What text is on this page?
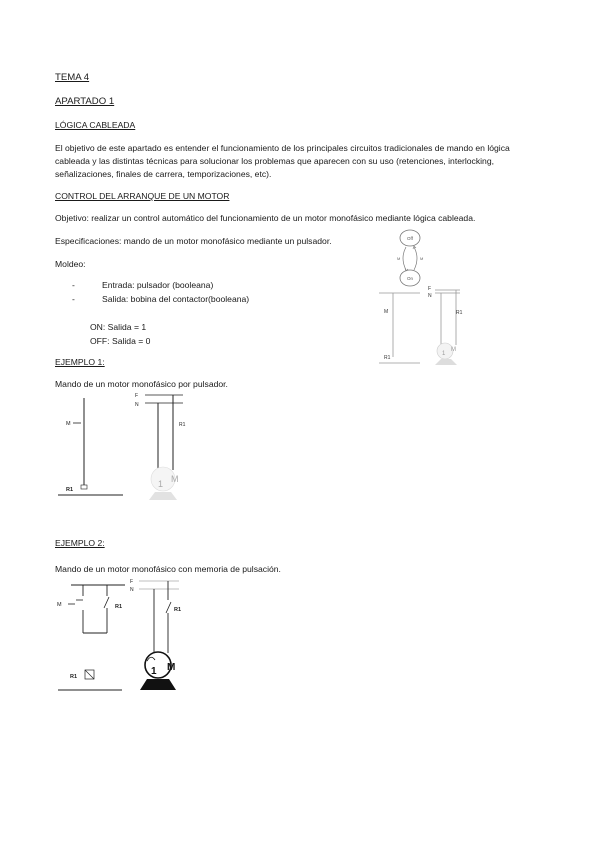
TEMA 4
APARTADO 1
LÓGICA CABLEADA
El objetivo de este apartado es entender el funcionamiento de los principales circuitos tradicionales de mando en lógica cableada y las distintas técnicas para solucionar los problemas que aparecen con su uso (retenciones, interlocking, señalizaciones, finales de carrera, temporizaciones, etc).
CONTROL DEL ARRANQUE DE UN MOTOR
Objetivo: realizar un control automático del funcionamiento de un motor monofásico mediante lógica cableada.
Especificaciones: mando de un motor monofásico mediante un pulsador.
Moldeo:
-	Entrada: pulsador (booleana)
-	Salida: bobina del contactor(booleana)
ON: Salida = 1
OFF: Salida = 0
EJEMPLO 1:
Mando de un motor monofásico por pulsador.
EJEMPLO 2:
Mando de un motor monofásico con memoria de pulsación.
Off
On
M	M
M
R1
F
N
R1
1
M
M
R1
F
N
R1
1 M
M	R1
R1
F
N
R1
1 M
